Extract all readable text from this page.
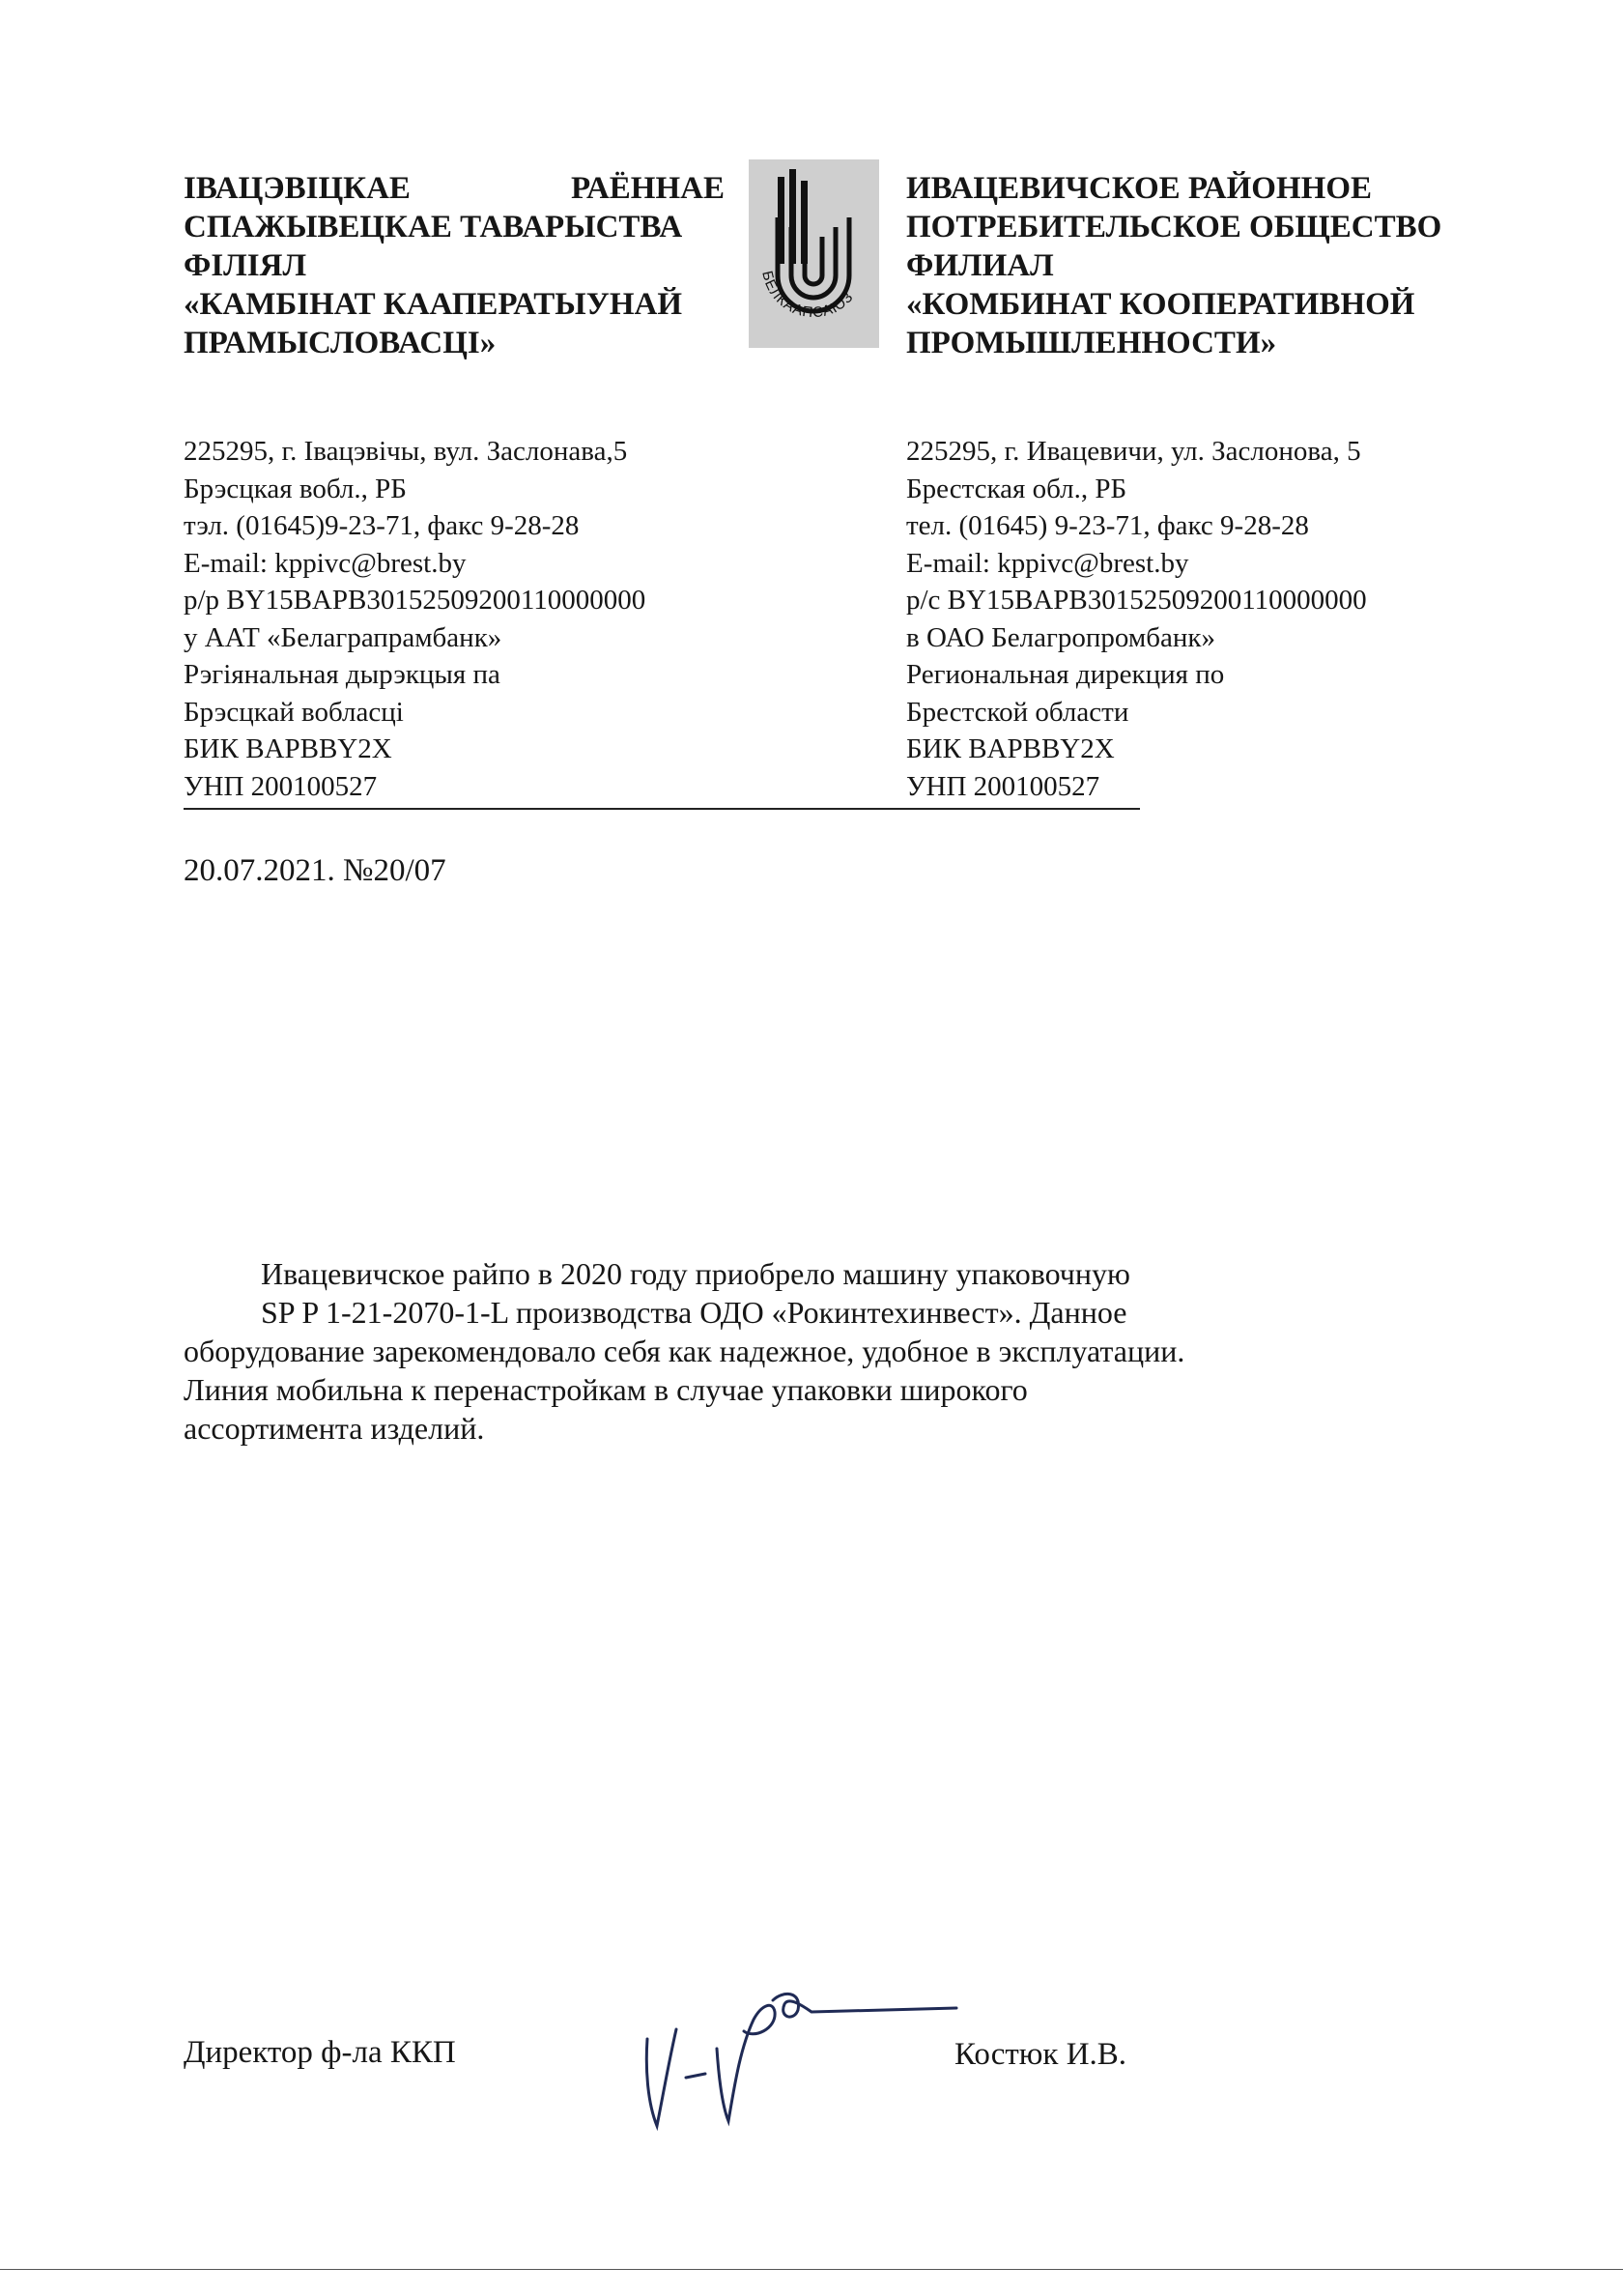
ІВАЦЭВІЦКАЕ	РАЁННАЕ
СПАЖЫВЕЦКАЕ ТАВАРЫСТВА
ФІЛІЯЛ
«КАМБІНАТ КААПЕРАТЫУНАЙ
ПРАМЫСЛОВАСЦІ»
БЕЛКААПСАЮЗ
ИВАЦЕВИЧСКОЕ РАЙОННОЕ
ПОТРЕБИТЕЛЬСКОЕ ОБЩЕСТВО
ФИЛИАЛ
«КОМБИНАТ КООПЕРАТИВНОЙ
ПРОМЫШЛЕННОСТИ»
225295, г. Івацэвічы, вул. Заслонава,5
Брэсцкая вобл., РБ
тэл. (01645)9-23-71, факс 9-28-28
E-mail: kppivc@brest.by
р/р BY15BAPB30152509200110000000
у ААТ «Белаграпрамбанк»
Рэгіянальная дырэкцыя па
Брэсцкай вобласці
БИК BAPBBY2X
УНП 200100527
225295, г. Ивацевичи, ул. Заслонова, 5
Брестская обл., РБ
тел. (01645) 9-23-71, факс 9-28-28
E-mail: kppivc@brest.by
р/с BY15BAPB30152509200110000000
в ОАО Белагропромбанк»
Региональная дирекция по
Брестской области
БИК BAPBBY2X
УНП 200100527
20.07.2021. №20/07
Ивацевичское райпо в 2020 году приобрело машину упаковочную
SP P 1-21-2070-1-L производства ОДО «Рокинтехинвест». Данное
оборудование зарекомендовало себя как надежное, удобное в эксплуатации.
Линия мобильна к перенастройкам в случае упаковки широкого
ассортимента изделий.
Директор ф-ла ККП	Костюк И.В.
